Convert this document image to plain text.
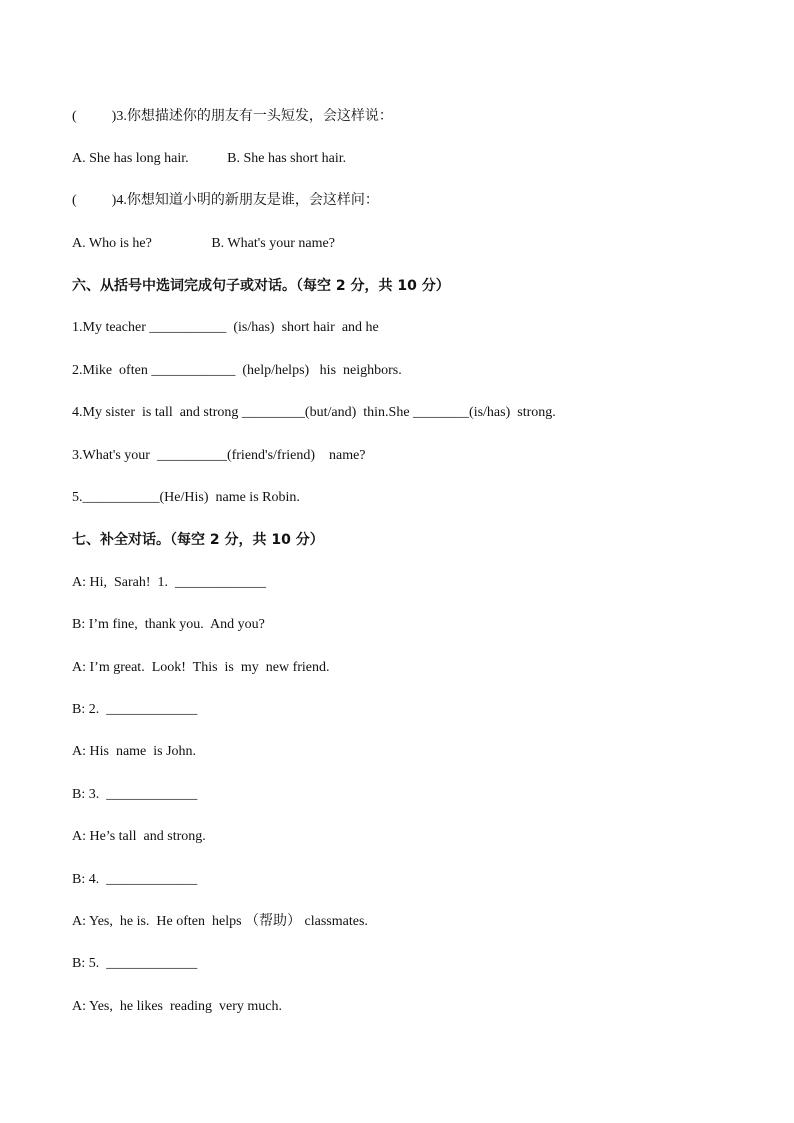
(          )3.你想描述你的朋友有一头短发，会这样说：
A. She has long hair.           B. She has short hair.
(          )4.你想知道小明的新朋友是谁，会这样问：
A. Who is he?                 B. What's your name?
六、从括号中选词完成句子或对话。（每空 2 分，共 10 分）
1.My teacher ___________  (is/has)  short hair  and he
2.Mike  often ____________  (help/helps)   his  neighbors.
4.My sister  is tall  and strong _________(but/and)  thin.She ________(is/has)  strong.
3.What's your  __________(friend's/friend)    name?
5.___________(He/His)  name is Robin.
七、补全对话。（每空 2 分，共 10 分）
A: Hi,  Sarah!  1.  _____________
B: I’m fine,  thank you.  And you?
A: I’m great.  Look!  This  is  my  new friend.
B: 2.  _____________
A: His  name  is John.
B: 3.  _____________
A: He’s tall  and strong.
B: 4.  _____________
A: Yes,  he is.  He often  helps （帮助） classmates.
B: 5.  _____________
A: Yes,  he likes  reading  very much.
